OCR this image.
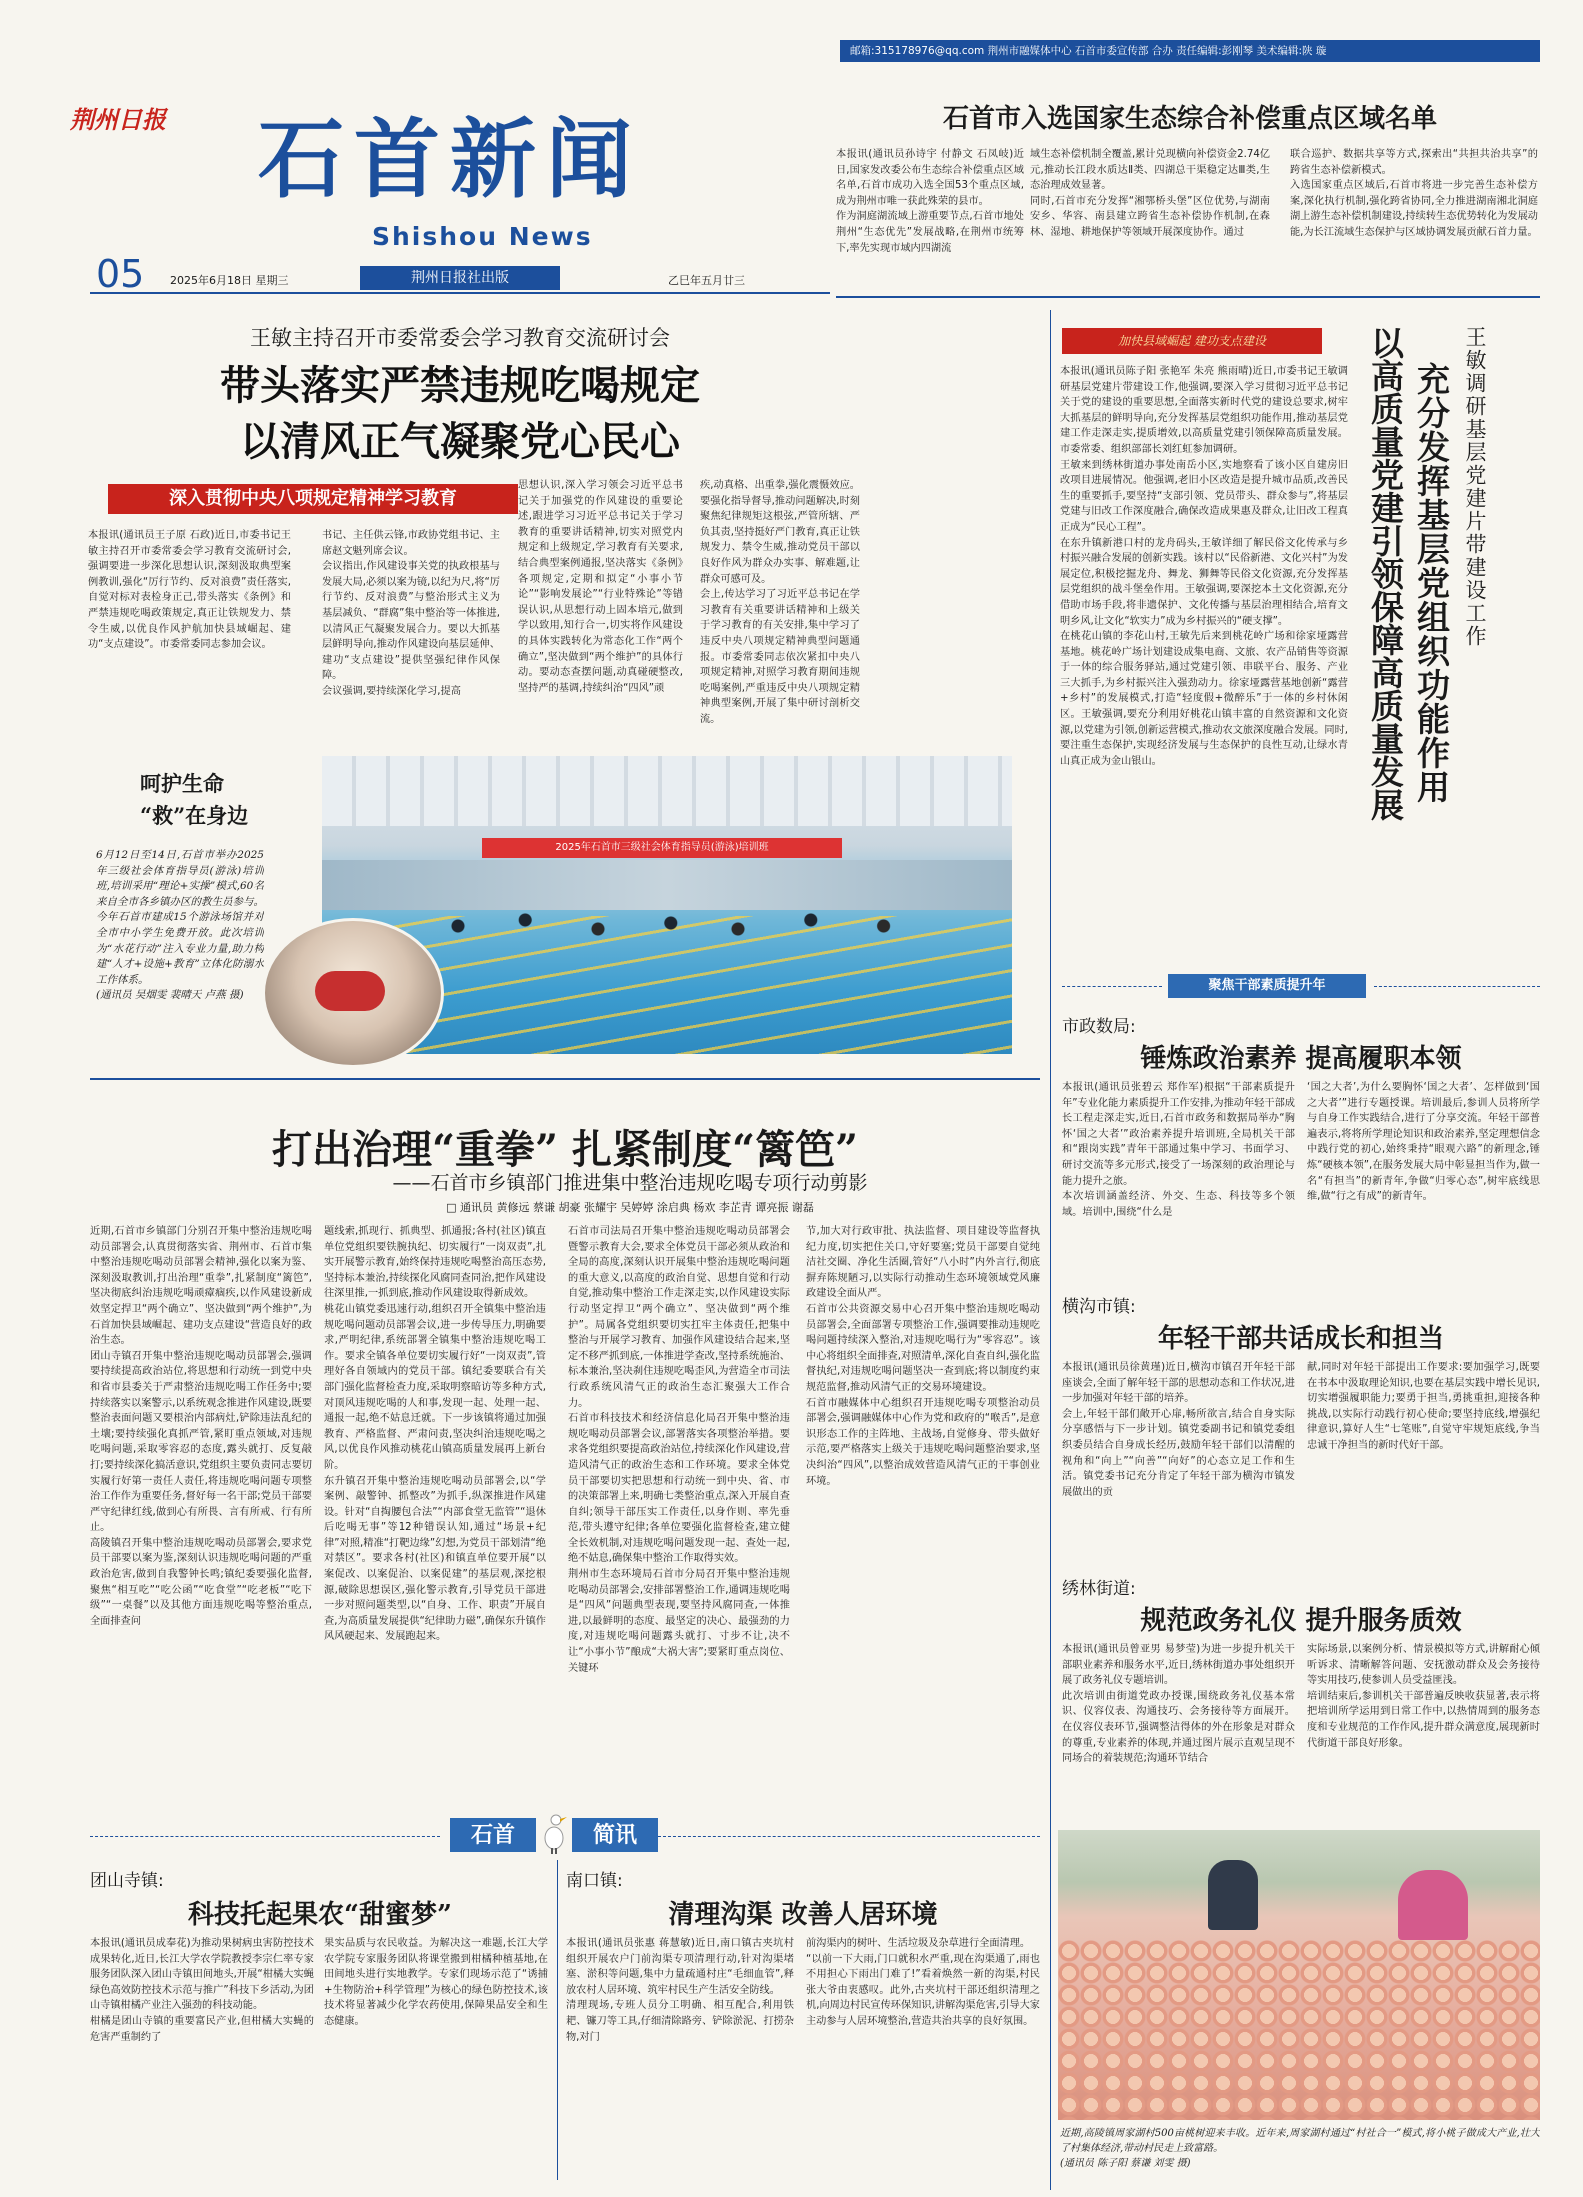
邮箱:315178976@qq.com 荆州市融媒体中心 石首市委宣传部 合办 责任编辑:彭刚琴 美术编辑:陕 璇
荆州日报 石首新闻
Shishou News
05 2025年6月18日 星期三	荆州日报社出版	乙巳年五月廿三
石首市入选国家生态综合补偿重点区域名单
本报讯(通讯员孙诗宇 付静文 石凤岐)近日,国家发改委公布生态综合补偿重点区域名单,石首市成功入选全国53个重点区域,成为荆州市唯一获此殊荣的县市。
作为洞庭湖流域上游重要节点,石首市地处荆州“生态优先”发展战略,在荆州市统筹下,率先实现市域内四湖流
域生态补偿机制全覆盖,累计兑现横向补偿资金2.74亿元,推动长江段水质达Ⅱ类、四湖总干渠稳定达Ⅲ类,生态治理成效显著。
同时,石首市充分发挥“湘鄂桥头堡”区位优势,与湖南安乡、华容、南县建立跨省生态补偿协作机制,在森林、湿地、耕地保护等领域开展深度协作。通过
联合巡护、数据共享等方式,探索出“共担共治共享”的跨省生态补偿新模式。
入选国家重点区域后,石首市将进一步完善生态补偿方案,深化执行机制,强化跨省协同,全力推进湖南湘北洞庭湖上游生态补偿机制建设,持续转生态优势转化为发展动能,为长江流域生态保护与区域协调发展贡献石首力量。
王敏主持召开市委常委会学习教育交流研讨会
带头落实严禁违规吃喝规定
以清风正气凝聚党心民心
深入贯彻中央八项规定精神学习教育
本报讯(通讯员王子原 石政)近日,市委书记王敏主持召开市委常委会学习教育交流研讨会,强调要进一步深化思想认识,深刻汲取典型案例教训,强化“厉行节约、反对浪费”责任落实,自觉对标对表检身正己,带头落实《条例》和严禁违规吃喝政策规定,真正让铁规发力、禁令生威,以优良作风护航加快县域崛起、建功“支点建设”。市委常委同志参加会议。
书记、主任供云锋,市政协党组书记、主席赵文魁列席会议。
会议指出,作风建设事关党的执政根基与发展大局,必须以案为镜,以纪为尺,将“厉行节约、反对浪费”与整治形式主义为基层减负、“群腐”集中整治等一体推进,以清风正气凝聚发展合力。要以大抓基层鲜明导向,推动作风建设向基层延伸、建功“支点建设”提供坚强纪律作风保障。
会议强调,要持续深化学习,提高
思想认识,深入学习领会习近平总书记关于加强党的作风建设的重要论述,跟进学习习近平总书记关于学习教育的重要讲话精神,切实对照党内规定和上级规定,学习教育有关要求,结合典型案例通报,坚决落实《条例》各项规定,定期和拟定“小事小节论”“影响发展论”“行业特殊论”等错误认识,从思想行动上固本培元,做到学以致用,知行合一,切实将作风建设的具体实践转化为常态化工作“两个确立”,坚决做到“两个维护”的具体行动。要动态查摆问题,动真碰硬整改,坚持严的基调,持续纠治“四风”顽
疾,动真格、出重拳,强化震慑效应。要强化指导督导,推动问题解决,时刻聚焦纪律规矩这根弦,严管所辖、严负其责,坚持挺好严门教育,真正让铁规发力、禁令生威,推动党员干部以良好作风为群众办实事、解难题,让群众可感可及。
会上,传达学习了习近平总书记在学习教育有关重要讲话精神和上级关于学习教育的有关安排,集中学习了违反中央八项规定精神典型问题通报。市委常委同志依次紧扣中央八项规定精神,对照学习教育期间违规吃喝案例,严重违反中央八项规定精神典型案例,开展了集中研讨剖析交流。
呵护生命
“救”在身边
6月12日至14日,石首市举办2025年三级社会体育指导员(游泳)培训班,培训采用“理论+实操”模式,60名来自全市各乡镇办区的教生员参与。今年石首市建成15个游泳场馆并对全市中小学生免费开放。此次培训为“水花行动”注入专业力量,助力构建“人才+设施+教育”立体化防溺水工作体系。
(通讯员 吴烟雯 裴晴天 卢燕 摄)
2025年石首市三级社会体育指导员(游泳)培训班
加快县域崛起 建功支点建设	王敏调研基层党建片带建设工作
充分发挥基层党组织功能作用
以高质量党建引领保障高质量发展
本报讯(通讯员陈子阳 张艳军 朱亮 熊雨晴)近日,市委书记王敏调研基层党建片带建设工作,他强调,要深入学习贯彻习近平总书记关于党的建设的重要思想,全面落实新时代党的建设总要求,树牢大抓基层的鲜明导向,充分发挥基层党组织功能作用,推动基层党建工作走深走实,提质增效,以高质量党建引领保障高质量发展。市委常委、组织部部长刘红虹参加调研。
王敏来到绣林街道办事处南岳小区,实地察看了该小区自建房旧改项目进展情况。他强调,老旧小区改造是提升城市品质,改善民生的重要抓手,要坚持“支部引领、党员带头、群众参与”,将基层党建与旧改工作深度融合,确保改造成果惠及群众,让旧改工程真正成为“民心工程”。
在东升镇新港口村的龙舟码头,王敏详细了解民俗文化传承与乡村振兴融合发展的创新实践。该村以“民俗新港、文化兴村”为发展定位,积极挖掘龙舟、舞龙、狮舞等民俗文化资源,充分发挥基层党组织的战斗堡垒作用。王敏强调,要深挖本土文化资源,充分借助市场手段,将非遗保护、文化传播与基层治理相结合,培育文明乡风,让文化“软实力”成为乡村振兴的“硬支撑”。
在桃花山镇的李花山村,王敏先后来到桃花岭广场和徐家垭露营基地。桃花岭广场计划建设成集电商、文旅、农产品销售等资源于一体的综合服务驿站,通过党建引领、串联平台、服务、产业三大抓手,为乡村振兴注入强劲动力。徐家垭露营基地创新“露营+乡村”的发展模式,打造“轻度假+微醉乐”于一体的乡村休闲区。王敏强调,要充分利用好桃花山镇丰富的自然资源和文化资源,以党建为引领,创新运营模式,推动农文旅深度融合发展。同时,要注重生态保护,实现经济发展与生态保护的良性互动,让绿水青山真正成为金山银山。
聚焦干部素质提升年
市政数局:
锤炼政治素养 提高履职本领
本报讯(通讯员张碧云 郑作军)根据“干部素质提升年”专业化能力素质提升工作安排,为推动年轻干部成长工程走深走实,近日,石首市政务和数据局举办“胸怀‘国之大者’”政治素养提升培训班,全局机关干部和“跟岗实践”青年干部通过集中学习、书面学习、研讨交流等多元形式,接受了一场深刻的政治理论与能力提升之旅。
本次培训涵盖经济、外交、生态、科技等多个领域。培训中,围绕“什么是
‘国之大者’,为什么要胸怀‘国之大者’、怎样做到‘国之大者’”进行专题授课。培训最后,参训人员将所学与自身工作实践结合,进行了分享交流。年轻干部普遍表示,将将所学理论知识和政治素养,坚定理想信念中践行党的初心,始终秉持“眼观六路”的新理念,锤炼“硬核本领”,在服务发展大局中彰显担当作为,做一名“有担当”的新青年,争做“归零心态”,树牢底线思维,做“行之有成”的新青年。
横沟市镇:
年轻干部共话成长和担当
本报讯(通讯员徐黄瑾)近日,横沟市镇召开年轻干部座谈会,全面了解年轻干部的思想动态和工作状况,进一步加强对年轻干部的培养。
会上,年轻干部们敞开心扉,畅所欲言,结合自身实际分享感悟与下一步计划。镇党委副书记和镇党委组织委员结合自身成长经历,鼓励年轻干部们以清醒的视角和“向上”“向善”“向好”的心态立足工作和生活。镇党委书记充分肯定了年轻干部为横沟市镇发展做出的贡
献,同时对年轻干部提出工作要求:要加强学习,既要在书本中汲取理论知识,也要在基层实践中增长见识,切实增强履职能力;要勇于担当,勇挑重担,迎接各种挑战,以实际行动践行初心使命;要坚持底线,增强纪律意识,算好人生“七笔账”,自觉守牢规矩底线,争当忠诚干净担当的新时代好干部。
绣林街道:
规范政务礼仪 提升服务质效
本报讯(通讯员曾亚男 易梦莹)为进一步提升机关干部职业素养和服务水平,近日,绣林街道办事处组织开展了政务礼仪专题培训。
此次培训由街道党政办授课,围绕政务礼仪基本常识、仪容仪表、沟通技巧、会务接待等方面展开。在仪容仪表环节,强调整洁得体的外在形象是对群众的尊重,专业素养的体现,并通过图片展示直观呈现不同场合的着装规范;沟通环节结合
实际场景,以案例分析、情景模拟等方式,讲解耐心倾听诉求、清晰解答问题、安抚激动群众及会务接待等实用技巧,使参训人员受益匪浅。
培训结束后,参训机关干部普遍反映收获显著,表示将把培训所学运用到日常工作中,以热情周到的服务态度和专业规范的工作作风,提升群众满意度,展现新时代街道干部良好形象。
近期,高陵镇周家湖村500亩桃树迎来丰收。近年来,周家湖村通过“村社合一”模式,将小桃子做成大产业,壮大了村集体经济,带动村民走上致富路。
(通讯员 陈子阳 蔡谦 刘雯 摄)
打出治理“重拳” 扎紧制度“篱笆”
——石首市乡镇部门推进集中整治违规吃喝专项行动剪影
□ 通讯员 黄修远 蔡谦 胡豪 张耀宇 吴婷婷 涂启典 杨欢 李芷青 谭亮振 谢磊
近期,石首市乡镇部门分别召开集中整治违规吃喝动员部署会,认真贯彻落实省、荆州市、石首市集中整治违规吃喝动员部署会精神,强化以案为鉴、深刻汲取教训,打出治理“重拳”,扎紧制度“篱笆”,坚决彻底纠治违规吃喝顽瘴痼疾,以作风建设新成效坚定捍卫“两个确立”、坚决做到“两个维护”,为石首加快县域崛起、建功支点建设“营造良好的政治生态。
团山寺镇召开集中整治违规吃喝动员部署会,强调要持续提高政治站位,将思想和行动统一到党中央和省市县委关于严肃整治违规吃喝工作任务中;要持续落实以案警示,以系统观念推进作风建设,既要整治表面问题又要根治内部病灶,铲除违法乱纪的土壤;要持续强化真抓严管,紧盯重点领域,对违规吃喝问题,采取零容忍的态度,露头就打、反复敲打;要持续深化搞活意识,党组织主要负责同志要切实履行好第一责任人责任,将违规吃喝问题专项整治工作作为重要任务,督好每一名干部;党员干部要严守纪律红线,做到心有所畏、言有所戒、行有所止。
高陵镇召开集中整治违规吃喝动员部署会,要求党员干部要以案为鉴,深刻认识违规吃喝问题的严重政治危害,做到自我警钟长鸣;镇纪委要强化监督,聚焦“相互吃”“吃公函”“吃食堂”“吃老板”“吃下级”“一桌餐”以及其他方面违规吃喝等整治重点,全面排查问
题线索,抓现行、抓典型、抓通报;各村(社区)镇直单位党组织要铁腕执纪、切实履行“一岗双责”,扎实开展警示教育,始终保持违规吃喝整治高压态势,坚持标本兼治,持续探化风腐同查同治,把作风建设往深里推,一抓到底,推动作风建设取得新成效。
桃花山镇党委迅速行动,组织召开全镇集中整治违规吃喝问题动员部署会议,进一步传导压力,明确要求,严明纪律,系统部署全镇集中整治违规吃喝工作。要求全镇各单位要切实履行好“一岗双责”,管理好各自领域内的党员干部。镇纪委要联合有关部门强化监督检查力度,采取明察暗访等多种方式,对顶风违规吃喝的人和事,发现一起、处理一起、通报一起,绝不姑息迁就。下一步该镇将通过加强教育、严格监督、严肃问责,坚决纠治违规吃喝之风,以优良作风推动桃花山镇高质量发展再上新台阶。
东升镇召开集中整治违规吃喝动员部署会,以“学案例、敲警钟、抓整改”为抓手,纵深推进作风建设。针对“自掏腰包合法”“内部食堂无监管”“退休后吃喝无事”等12种错误认知,通过“场景+纪律”对照,精准“打靶边缘”幻想,为党员干部划清“绝对禁区”。要求各村(社区)和镇直单位要开展“以案促改、以案促治、以案促建”的基层观,深挖根源,破除思想误区,强化警示教育,引导党员干部进一步对照问题类型,以“自身、工作、职责”开展自查,为高质量发展提供“纪律助力磁”,确保东升镇作风风硬起来、发展跑起来。
石首市司法局召开集中整治违规吃喝动员部署会暨警示教育大会,要求全体党员干部必须从政治和全局的高度,深刻认识开展集中整治违规吃喝问题的重大意义,以高度的政治自觉、思想自觉和行动自觉,推动集中整治工作走深走实,以作风建设实际行动坚定捍卫“两个确立”、坚决做到“两个维护”。局属各党组织要切实扛牢主体责任,把集中整治与开展学习教育、加强作风建设结合起来,坚定不移严抓到底,一体推进学查改,坚持系统施治、标本兼治,坚决刹住违规吃喝歪风,为营造全市司法行政系统风清气正的政治生态汇聚强大工作合力。
石首市科技技术和经济信息化局召开集中整治违规吃喝动员部署会议,部署落实各项整治举措。要求各党组织要提高政治站位,持续深化作风建设,营造风清气正的政治生态和工作环境。要求全体党员干部要切实把思想和行动统一到中央、省、市的决策部署上来,明确七类整治重点,深入开展自查自纠;领导干部压实工作责任,以身作则、率先垂范,带头遵守纪律;各单位要强化监督检查,建立健全长效机制,对违规吃喝问题发现一起、查处一起,绝不姑息,确保集中整治工作取得实效。
荆州市生态环境局石首市分局召开集中整治违规吃喝动员部署会,安排部署整治工作,通调违规吃喝是“四风”问题典型表现,要坚持风腐同查,一体推进,以最鲜明的态度、最坚定的决心、最强劲的力度,对违规吃喝问题露头就打、寸步不让,决不让“小事小节”酿成“大祸大害”;要紧盯重点岗位、关键环
节,加大对行政审批、执法监督、项目建设等监督执纪力度,切实把住关口,守好要塞;党员干部要自觉纯洁社交圈、净化生活圈,管好“八小时”内外言行,彻底摒弃陈规陋习,以实际行动推动生态环境领域党风廉政建设全面从严。
石首市公共资源交易中心召开集中整治违规吃喝动员部署会,全面部署专项整治工作,强调要推动违规吃喝问题持续深入整治,对违规吃喝行为“零容忍”。该中心将组织全面排查,对照清单,深化自查自纠,强化监督执纪,对违规吃喝问题坚决一查到底;将以制度约束规范监督,推动风清气正的交易环境建设。
石首市融媒体中心组织召开违规吃喝专项整治动员部署会,强调融媒体中心作为党和政府的“喉舌”,是意识形态工作的主阵地、主战场,自觉修身、带头做好示范,要严格落实上级关于违规吃喝问题整治要求,坚决纠治“四风”,以整治成效营造风清气正的干事创业环境。
石首	简讯
团山寺镇:
科技托起果农“甜蜜梦”
本报讯(通讯员成奉花)为推动果树病虫害防控技术成果转化,近日,长江大学农学院教授李宗仁率专家服务团队深入团山寺镇田间地头,开展“柑橘大实蝇绿色高效防控技术示范与推广”科技下乡活动,为团山寺镇柑橘产业注入强劲的科技动能。
柑橘是团山寺镇的重要富民产业,但柑橘大实蝇的危害严重制约了
果实品质与农民收益。为解决这一难题,长江大学农学院专家服务团队将课堂搬到柑橘种植基地,在田间地头进行实地教学。专家们现场示范了“诱捕+生物防治+科学管理”为核心的绿色防控技术,该技术将显著减少化学农药使用,保障果品安全和生态健康。
南口镇:
清理沟渠 改善人居环境
本报讯(通讯员张惠 蒋慧敏)近日,南口镇古夹坑村组织开展农户门前沟渠专项清理行动,针对沟渠堵塞、淤积等问题,集中力量疏通村庄“毛细血管”,释放农村人居环境、筑牢村民生产生活安全防线。
清理现场,专班人员分工明确、相互配合,利用铁耙、镰刀等工具,仔细清除路旁、铲除淤泥、打捞杂物,对门
前沟渠内的树叶、生活垃圾及杂草进行全面清理。
“以前一下大雨,门口就积水严重,现在沟渠通了,雨也不用担心下雨出门难了!”看着焕然一新的沟渠,村民张大爷由衷感叹。此外,古夹坑村干部还组织清理之机,向周边村民宣传环保知识,讲解沟渠危害,引导大家主动参与人居环境整治,营造共治共享的良好氛围。
